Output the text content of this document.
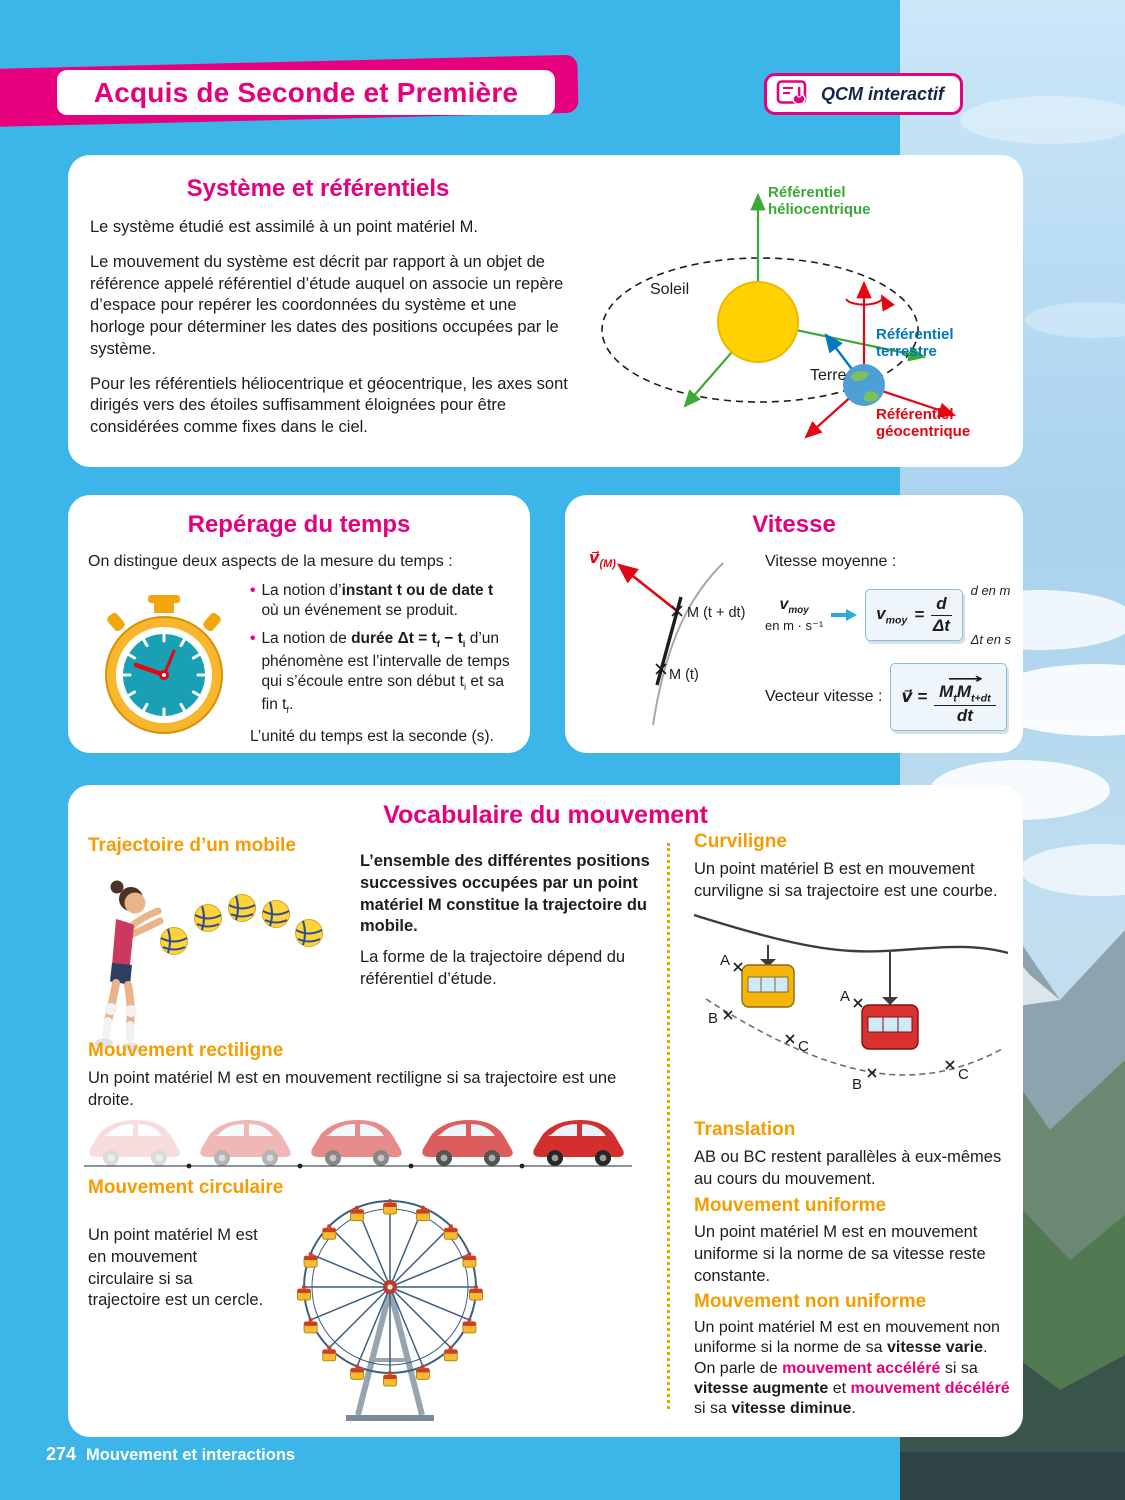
Acquis de Seconde et Première	QCM interactif
Système et référentiels

Le système étudié est assimilé à un point matériel M.

Le mouvement du système est décrit par rapport à un objet de référence appelé référentiel d’étude auquel on associe un repère d’espace pour repérer les coordonnées du système et une horloge pour déterminer les dates des positions occupées par le système.

Pour les référentiels héliocentrique et géocentrique, les axes sont dirigés vers des étoiles suffisamment éloignées pour être considérées comme fixes dans le ciel.

Référentiel héliocentrique
Soleil
Référentiel terrestre
Terre
Référentiel géocentrique
Repérage du temps

On distingue deux aspects de la mesure du temps :

• La notion d’instant t ou de date t où un événement se produit.

• La notion de durée $\Delta t = t_f - t_i$ d’un phénomène est l’intervalle de temps qui s’écoule entre son début $t_i$ et sa fin $t_f$.

L’unité du temps est la seconde (s).

Vitesse
$v⃗_{(M)}$
M (t + dt)
M (t)

Vitesse moyenne :

$v_{moy}$
en m · s⁻¹
$v_{moy} = \frac{d}{\Delta t}$
d en m
Δt en s
Vecteur vitesse : v⃗ = ⟶
$M_tM_{t+dt}$
dt
Vocabulaire du mouvement
Trajectoire d’un mobile

L’ensemble des différentes positions successives occupées par un point matériel M constitue la trajectoire du mobile.

La forme de la trajectoire dépend du référentiel d’étude.

Mouvement rectiligne

Un point matériel M est en mouvement rectiligne si sa trajectoire est une droite.

Mouvement circulaire

Un point matériel M est en mouvement circulaire si sa trajectoire est un cercle.

Curviligne

Un point matériel B est en mouvement curviligne si sa trajectoire est une courbe.

A
B
C
A
B
C
Translation

AB ou BC restent parallèles à eux-mêmes au cours du mouvement.

Mouvement uniforme

Un point matériel M est en mouvement uniforme si la norme de sa vitesse reste constante.

Mouvement non uniforme

Un point matériel M est en mouvement non uniforme si la norme de sa vitesse varie. On parle de mouvement accéléré si sa vitesse augmente et mouvement décéléré si sa vitesse diminue.

274 Mouvement et interactions
